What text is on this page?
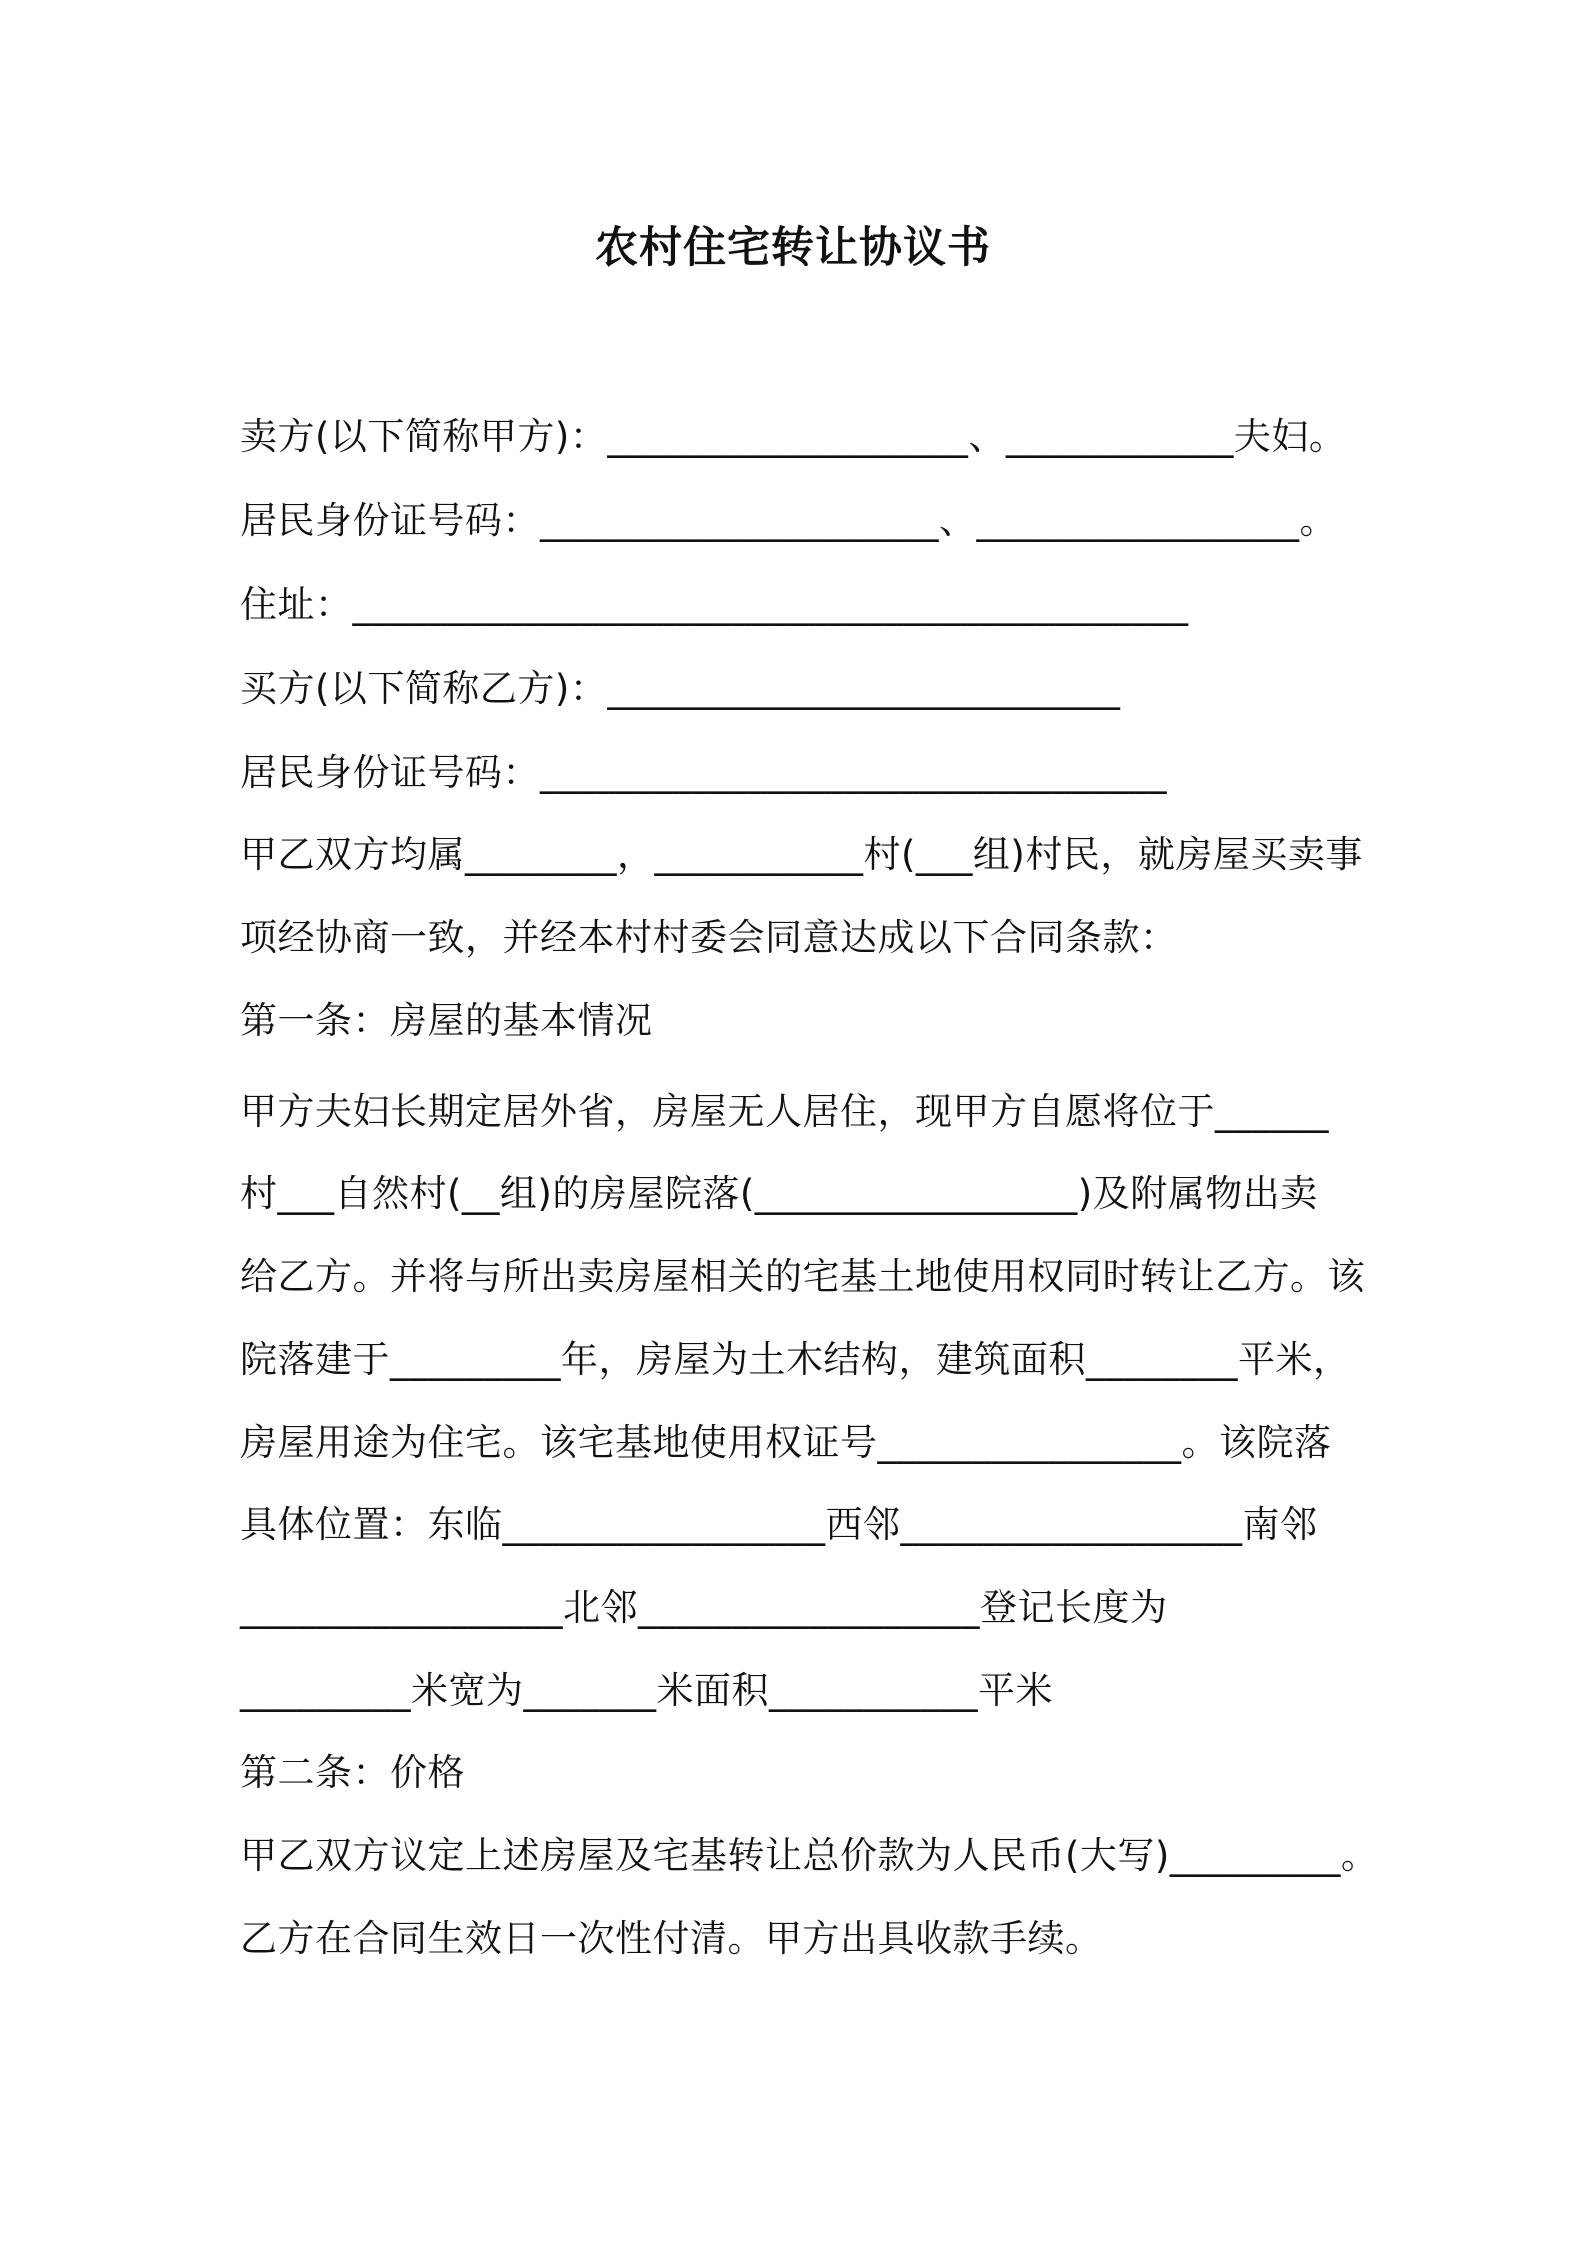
农村住宅转让协议书
卖方(以下简称甲方)：___________________、____________夫妇。
居民身份证号码：_____________________、_________________。
住址：____________________________________________
买方(以下简称乙方)：___________________________
居民身份证号码：_________________________________
甲乙双方均属________，___________村(___组)村民，就房屋买卖事
项经协商一致，并经本村村委会同意达成以下合同条款：
第一条：房屋的基本情况
甲方夫妇长期定居外省，房屋无人居住，现甲方自愿将位于______
村___自然村(__组)的房屋院落(_________________)及附属物出卖
给乙方。并将与所出卖房屋相关的宅基土地使用权同时转让乙方。该
院落建于_________年，房屋为土木结构，建筑面积________平米，
房屋用途为住宅。该宅基地使用权证号________________。该院落
具体位置：东临_________________西邻__________________南邻
_________________北邻__________________登记长度为
_________米宽为_______米面积___________平米
第二条：价格
甲乙双方议定上述房屋及宅基转让总价款为人民币(大写)_________。
乙方在合同生效日一次性付清。甲方出具收款手续。
